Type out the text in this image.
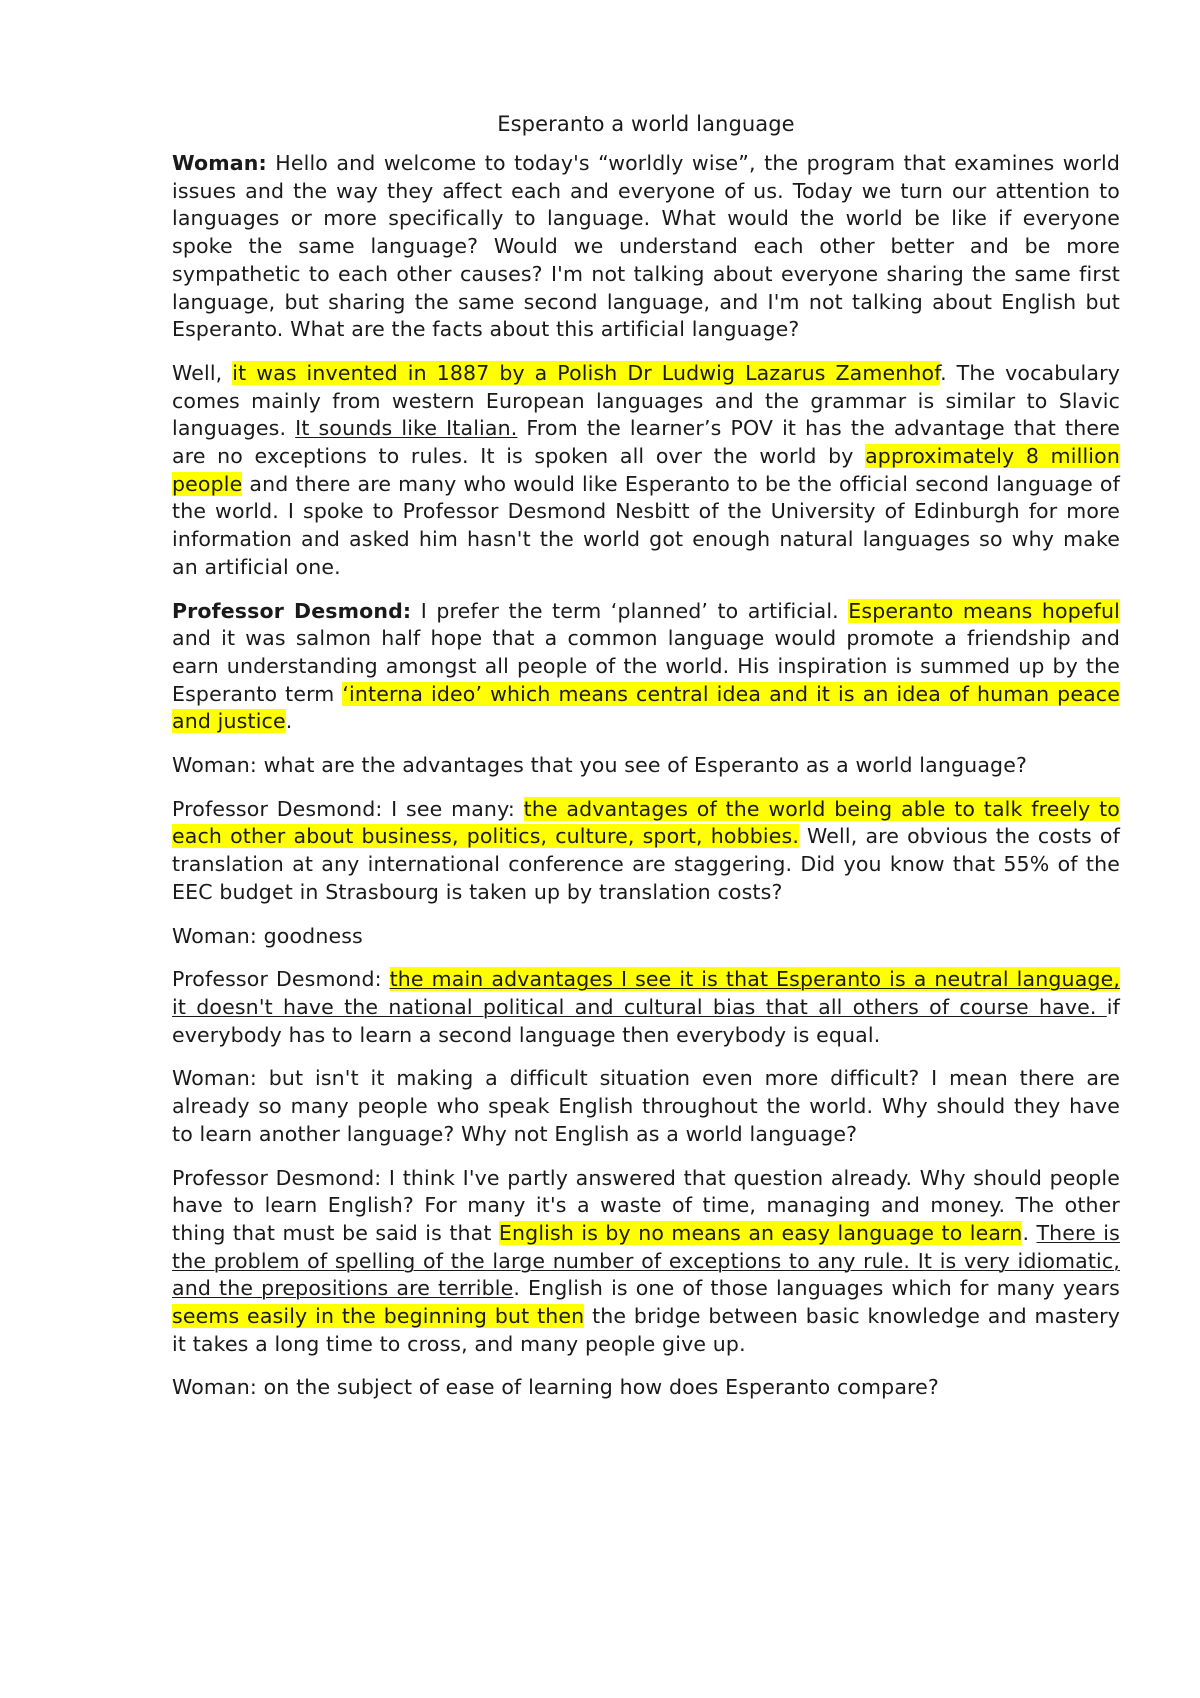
Esperanto a world language

Woman: Hello and welcome to today's “worldly wise”, the program that examines world issues and the way they affect each and everyone of us. Today we turn our attention to languages or more specifically to language. What would the world be like if everyone spoke the same language? Would we understand each other better and be more sympathetic to each other causes? I'm not talking about everyone sharing the same first language, but sharing the same second language, and I'm not talking about English but Esperanto. What are the facts about this artificial language?

Well, it was invented in 1887 by a Polish Dr Ludwig Lazarus Zamenhof. The vocabulary comes mainly from western European languages and the grammar is similar to Slavic languages. It sounds like Italian. From the learner’s POV it has the advantage that there are no exceptions to rules. It is spoken all over the world by approximately 8 million people and there are many who would like Esperanto to be the official second language of the world. I spoke to Professor Desmond Nesbitt of the University of Edinburgh for more information and asked him hasn't the world got enough natural languages so why make an artificial one.

Professor Desmond: I prefer the term ‘planned’ to artificial. Esperanto means hopeful and it was salmon half hope that a common language would promote a friendship and earn understanding amongst all people of the world. His inspiration is summed up by the Esperanto term ‘interna ideo’ which means central idea and it is an idea of human peace and justice.

Woman: what are the advantages that you see of Esperanto as a world language?

Professor Desmond: I see many: the advantages of the world being able to talk freely to each other about business, politics, culture, sport, hobbies. Well, are obvious the costs of translation at any international conference are staggering. Did you know that 55% of the EEC budget in Strasbourg is taken up by translation costs?

Woman: goodness

Professor Desmond: the main advantages I see it is that Esperanto is a neutral language, it doesn't have the national political and cultural bias that all others of course have. if everybody has to learn a second language then everybody is equal.

Woman: but isn't it making a difficult situation even more difficult? I mean there are already so many people who speak English throughout the world. Why should they have to learn another language? Why not English as a world language?

Professor Desmond: I think I've partly answered that question already. Why should people have to learn English? For many it's a waste of time, managing and money. The other thing that must be said is that English is by no means an easy language to learn. There is the problem of spelling of the large number of exceptions to any rule. It is very idiomatic, and the prepositions are terrible. English is one of those languages which for many years seems easily in the beginning but then the bridge between basic knowledge and mastery it takes a long time to cross, and many people give up.

Woman: on the subject of ease of learning how does Esperanto compare?
